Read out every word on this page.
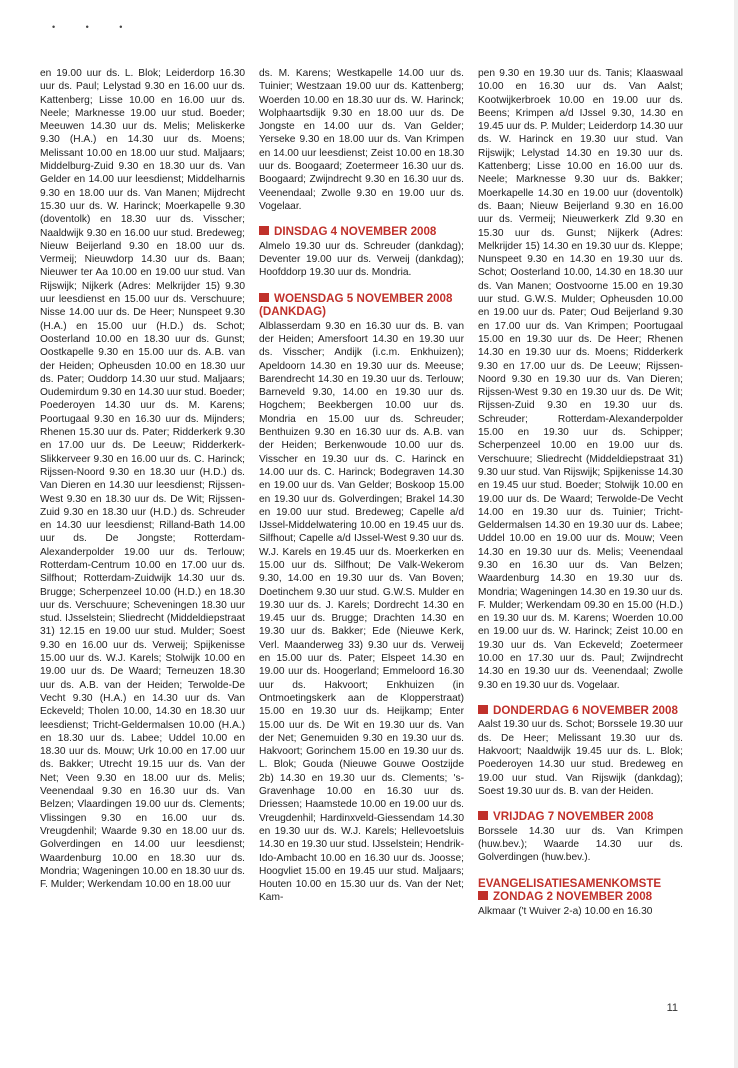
• • •

en 19.00 uur ds. L. Blok; Leiderdorp 16.30 uur ds. Paul; Lelystad 9.30 en 16.00 uur ds. Kattenberg; Lisse 10.00 en 16.00 uur ds. Neele; Marknesse 19.00 uur stud. Boeder; Meeuwen 14.30 uur ds. Melis; Meliskerke 9.30 (H.A.) en 14.30 uur ds. Moens; Melissant 10.00 en 18.00 uur stud. Maljaars; Middelburg-Zuid 9.30 en 18.30 uur ds. Van Gelder en 14.00 uur leesdienst; Middelharnis 9.30 en 18.00 uur ds. Van Manen; Mijdrecht 15.30 uur ds. W. Harinck; Moerkapelle 9.30 (doventolk) en 18.30 uur ds. Visscher; Naaldwijk 9.30 en 16.00 uur stud. Bredeweg; Nieuw Beijerland 9.30 en 18.00 uur ds. Vermeij; Nieuwdorp 14.30 uur ds. Baan; Nieuwer ter Aa 10.00 en 19.00 uur stud. Van Rijswijk; Nijkerk (Adres: Melkrijder 15) 9.30 uur leesdienst en 15.00 uur ds. Verschuure; Nisse 14.00 uur ds. De Heer; Nunspeet 9.30 (H.A.) en 15.00 uur (H.D.) ds. Schot; Oosterland 10.00 en 18.30 uur ds. Gunst; Oostkapelle 9.30 en 15.00 uur ds. A.B. van der Heiden; Opheusden 10.00 en 18.30 uur ds. Pater; Ouddorp 14.30 uur stud. Maljaars; Oudemirdum 9.30 en 14.30 uur stud. Boeder; Poederoyen 14.30 uur ds. M. Karens; Poortugaal 9.30 en 16.30 uur ds. Mijnders; Rhenen 15.30 uur ds. Pater; Ridderkerk 9.30 en 17.00 uur ds. De Leeuw; Ridderkerk-Slikkerveer 9.30 en 16.00 uur ds. C. Harinck; Rijssen-Noord 9.30 en 18.30 uur (H.D.) ds. Van Dieren en 14.30 uur leesdienst; Rijssen-West 9.30 en 18.30 uur ds. De Wit; Rijssen-Zuid 9.30 en 18.30 uur (H.D.) ds. Schreuder en 14.30 uur leesdienst; Rilland-Bath 14.00 uur ds. De Jongste; Rotterdam-Alexanderpolder 19.00 uur ds. Terlouw; Rotterdam-Centrum 10.00 en 17.00 uur ds. Silfhout; Rotterdam-Zuidwijk 14.30 uur ds. Brugge; Scherpenzeel 10.00 (H.D.) en 18.30 uur ds. Verschuure; Scheveningen 18.30 uur stud. IJsselstein; Sliedrecht (Middeldiepstraat 31) 12.15 en 19.00 uur stud. Mulder; Soest 9.30 en 16.00 uur ds. Verweij; Spijkenisse 15.00 uur ds. W.J. Karels; Stolwijk 10.00 en 19.00 uur ds. De Waard; Terneuzen 18.30 uur ds. A.B. van der Heiden; Terwolde-De Vecht 9.30 (H.A.) en 14.30 uur ds. Van Eckeveld; Tholen 10.00, 14.30 en 18.30 uur leesdienst; Tricht-Geldermalsen 10.00 (H.A.) en 18.30 uur ds. Labee; Uddel 10.00 en 18.30 uur ds. Mouw; Urk 10.00 en 17.00 uur ds. Bakker; Utrecht 19.15 uur ds. Van der Net; Veen 9.30 en 18.00 uur ds. Melis; Veenendaal 9.30 en 16.30 uur ds. Van Belzen; Vlaardingen 19.00 uur ds. Clements; Vlissingen 9.30 en 16.00 uur ds. Vreugdenhil; Waarde 9.30 en 18.00 uur ds. Golverdingen en 14.00 uur leesdienst; Waardenburg 10.00 en 18.30 uur ds. Mondria; Wageningen 10.00 en 18.30 uur ds. F. Mulder; Werkendam 10.00 en 18.00 uur

ds. M. Karens; Westkapelle 14.00 uur ds. Tuinier; Westzaan 19.00 uur ds. Kattenberg; Woerden 10.00 en 18.30 uur ds. W. Harinck; Wolphaartsdijk 9.30 en 18.00 uur ds. De Jongste en 14.00 uur ds. Van Gelder; Yerseke 9.30 en 18.00 uur ds. Van Krimpen en 14.00 uur leesdienst; Zeist 10.00 en 18.30 uur ds. Boogaard; Zoetermeer 16.30 uur ds. Boogaard; Zwijndrecht 9.30 en 16.30 uur ds. Veenendaal; Zwolle 9.30 en 19.00 uur ds. Vogelaar.

DINSDAG 4 NOVEMBER 2008

Almelo 19.30 uur ds. Schreuder (dankdag); Deventer 19.00 uur ds. Verweij (dankdag); Hoofddorp 19.30 uur ds. Mondria.

WOENSDAG 5 NOVEMBER 2008 (DANKDAG)

Alblasserdam 9.30 en 16.30 uur ds. B. van der Heiden; Amersfoort 14.30 en 19.30 uur ds. Visscher; Andijk (i.c.m. Enkhuizen); Apeldoorn 14.30 en 19.30 uur ds. Meeuse; Barendrecht 14.30 en 19.30 uur ds. Terlouw; Barneveld 9.30, 14.00 en 19.30 uur ds. Hogchem; Beekbergen 10.00 uur ds. Mondria en 15.00 uur ds. Schreuder; Benthuizen 9.30 en 16.30 uur ds. A.B. van der Heiden; Berkenwoude 10.00 uur ds. Visscher en 19.30 uur ds. C. Harinck en 14.00 uur ds. C. Harinck; Bodegraven 14.30 en 19.00 uur ds. Van Gelder; Boskoop 15.00 en 19.30 uur ds. Golverdingen; Brakel 14.30 en 19.00 uur stud. Bredeweg; Capelle a/d IJssel-Middelwatering 10.00 en 19.45 uur ds. Silfhout; Capelle a/d IJssel-West 9.30 uur ds. W.J. Karels en 19.45 uur ds. Moerkerken en 15.00 uur ds. Silfhout; De Valk-Wekerom 9.30, 14.00 en 19.30 uur ds. Van Boven; Doetinchem 9.30 uur stud. G.W.S. Mulder en 19.30 uur ds. J. Karels; Dordrecht 14.30 en 19.45 uur ds. Brugge; Drachten 14.30 en 19.30 uur ds. Bakker; Ede (Nieuwe Kerk, Verl. Maanderweg 33) 9.30 uur ds. Verweij en 15.00 uur ds. Pater; Elspeet 14.30 en 19.00 uur ds. Hoogerland; Emmeloord 16.30 uur ds. Hakvoort; Enkhuizen (in Ontmoetingskerk aan de Klopperstraat) 15.00 en 19.30 uur ds. Heijkamp; Enter 15.00 uur ds. De Wit en 19.30 uur ds. Van der Net; Genemuiden 9.30 en 19.30 uur ds. Hakvoort; Gorinchem 15.00 en 19.30 uur ds. L. Blok; Gouda (Nieuwe Gouwe Oostzijde 2b) 14.30 en 19.30 uur ds. Clements; 's-Gravenhage 10.00 en 16.30 uur ds. Driessen; Haamstede 10.00 en 19.00 uur ds. Vreugdenhil; Hardinxveld-Giessendam 14.30 en 19.30 uur ds. W.J. Karels; Hellevoetsluis 14.30 en 19.30 uur stud. IJsselstein; Hendrik-Ido-Ambacht 10.00 en 16.30 uur ds. Joosse; Hoogvliet 15.00 en 19.45 uur stud. Maljaars; Houten 10.00 en 15.30 uur ds. Van der Net; Kam-

pen 9.30 en 19.30 uur ds. Tanis; Klaaswaal 10.00 en 16.30 uur ds. Van Aalst; Kootwijkerbroek 10.00 en 19.00 uur ds. Beens; Krimpen a/d IJssel 9.30, 14.30 en 19.45 uur ds. P. Mulder; Leiderdorp 14.30 uur ds. W. Harinck en 19.30 uur stud. Van Rijswijk; Lelystad 14.30 en 19.30 uur ds. Kattenberg; Lisse 10.00 en 16.00 uur ds. Neele; Marknesse 9.30 uur ds. Bakker; Moerkapelle 14.30 en 19.00 uur (doventolk) ds. Baan; Nieuw Beijerland 9.30 en 16.00 uur ds. Vermeij; Nieuwerkerk Zld 9.30 en 15.30 uur ds. Gunst; Nijkerk (Adres: Melkrijder 15) 14.30 en 19.30 uur ds. Kleppe; Nunspeet 9.30 en 14.30 en 19.30 uur ds. Schot; Oosterland 10.00, 14.30 en 18.30 uur ds. Van Manen; Oostvoorne 15.00 en 19.30 uur stud. G.W.S. Mulder; Opheusden 10.00 en 19.00 uur ds. Pater; Oud Beijerland 9.30 en 17.00 uur ds. Van Krimpen; Poortugaal 15.00 en 19.30 uur ds. De Heer; Rhenen 14.30 en 19.30 uur ds. Moens; Ridderkerk 9.30 en 17.00 uur ds. De Leeuw; Rijssen-Noord 9.30 en 19.30 uur ds. Van Dieren; Rijssen-West 9.30 en 19.30 uur ds. De Wit; Rijssen-Zuid 9.30 en 19.30 uur ds. Schreuder; Rotterdam-Alexanderpolder 15.00 en 19.30 uur ds. Schipper; Scherpenzeel 10.00 en 19.00 uur ds. Verschuure; Sliedrecht (Middeldiepstraat 31) 9.30 uur stud. Van Rijswijk; Spijkenisse 14.30 en 19.45 uur stud. Boeder; Stolwijk 10.00 en 19.00 uur ds. De Waard; Terwolde-De Vecht 14.00 en 19.30 uur ds. Tuinier; Tricht-Geldermalsen 14.30 en 19.30 uur ds. Labee; Uddel 10.00 en 19.00 uur ds. Mouw; Veen 14.30 en 19.30 uur ds. Melis; Veenendaal 9.30 en 16.30 uur ds. Van Belzen; Waardenburg 14.30 en 19.30 uur ds. Mondria; Wageningen 14.30 en 19.30 uur ds. F. Mulder; Werkendam 09.30 en 15.00 (H.D.) en 19.30 uur ds. M. Karens; Woerden 10.00 en 19.00 uur ds. W. Harinck; Zeist 10.00 en 19.30 uur ds. Van Eckeveld; Zoetermeer 10.00 en 17.30 uur ds. Paul; Zwijndrecht 14.30 en 19.30 uur ds. Veenendaal; Zwolle 9.30 en 19.30 uur ds. Vogelaar.

DONDERDAG 6 NOVEMBER 2008

Aalst 19.30 uur ds. Schot; Borssele 19.30 uur ds. De Heer; Melissant 19.30 uur ds. Hakvoort; Naaldwijk 19.45 uur ds. L. Blok; Poederoyen 14.30 uur stud. Bredeweg en 19.00 uur stud. Van Rijswijk (dankdag); Soest 19.30 uur ds. B. van der Heiden.

VRIJDAG 7 NOVEMBER 2008

Borssele 14.30 uur ds. Van Krimpen (huw.bev.); Waarde 14.30 uur ds. Golverdingen (huw.bev.).

EVANGELISATIESAMENKOMSTE
ZONDAG 2 NOVEMBER 2008

Alkmaar ('t Wuiver 2-a) 10.00 en 16.30

11
